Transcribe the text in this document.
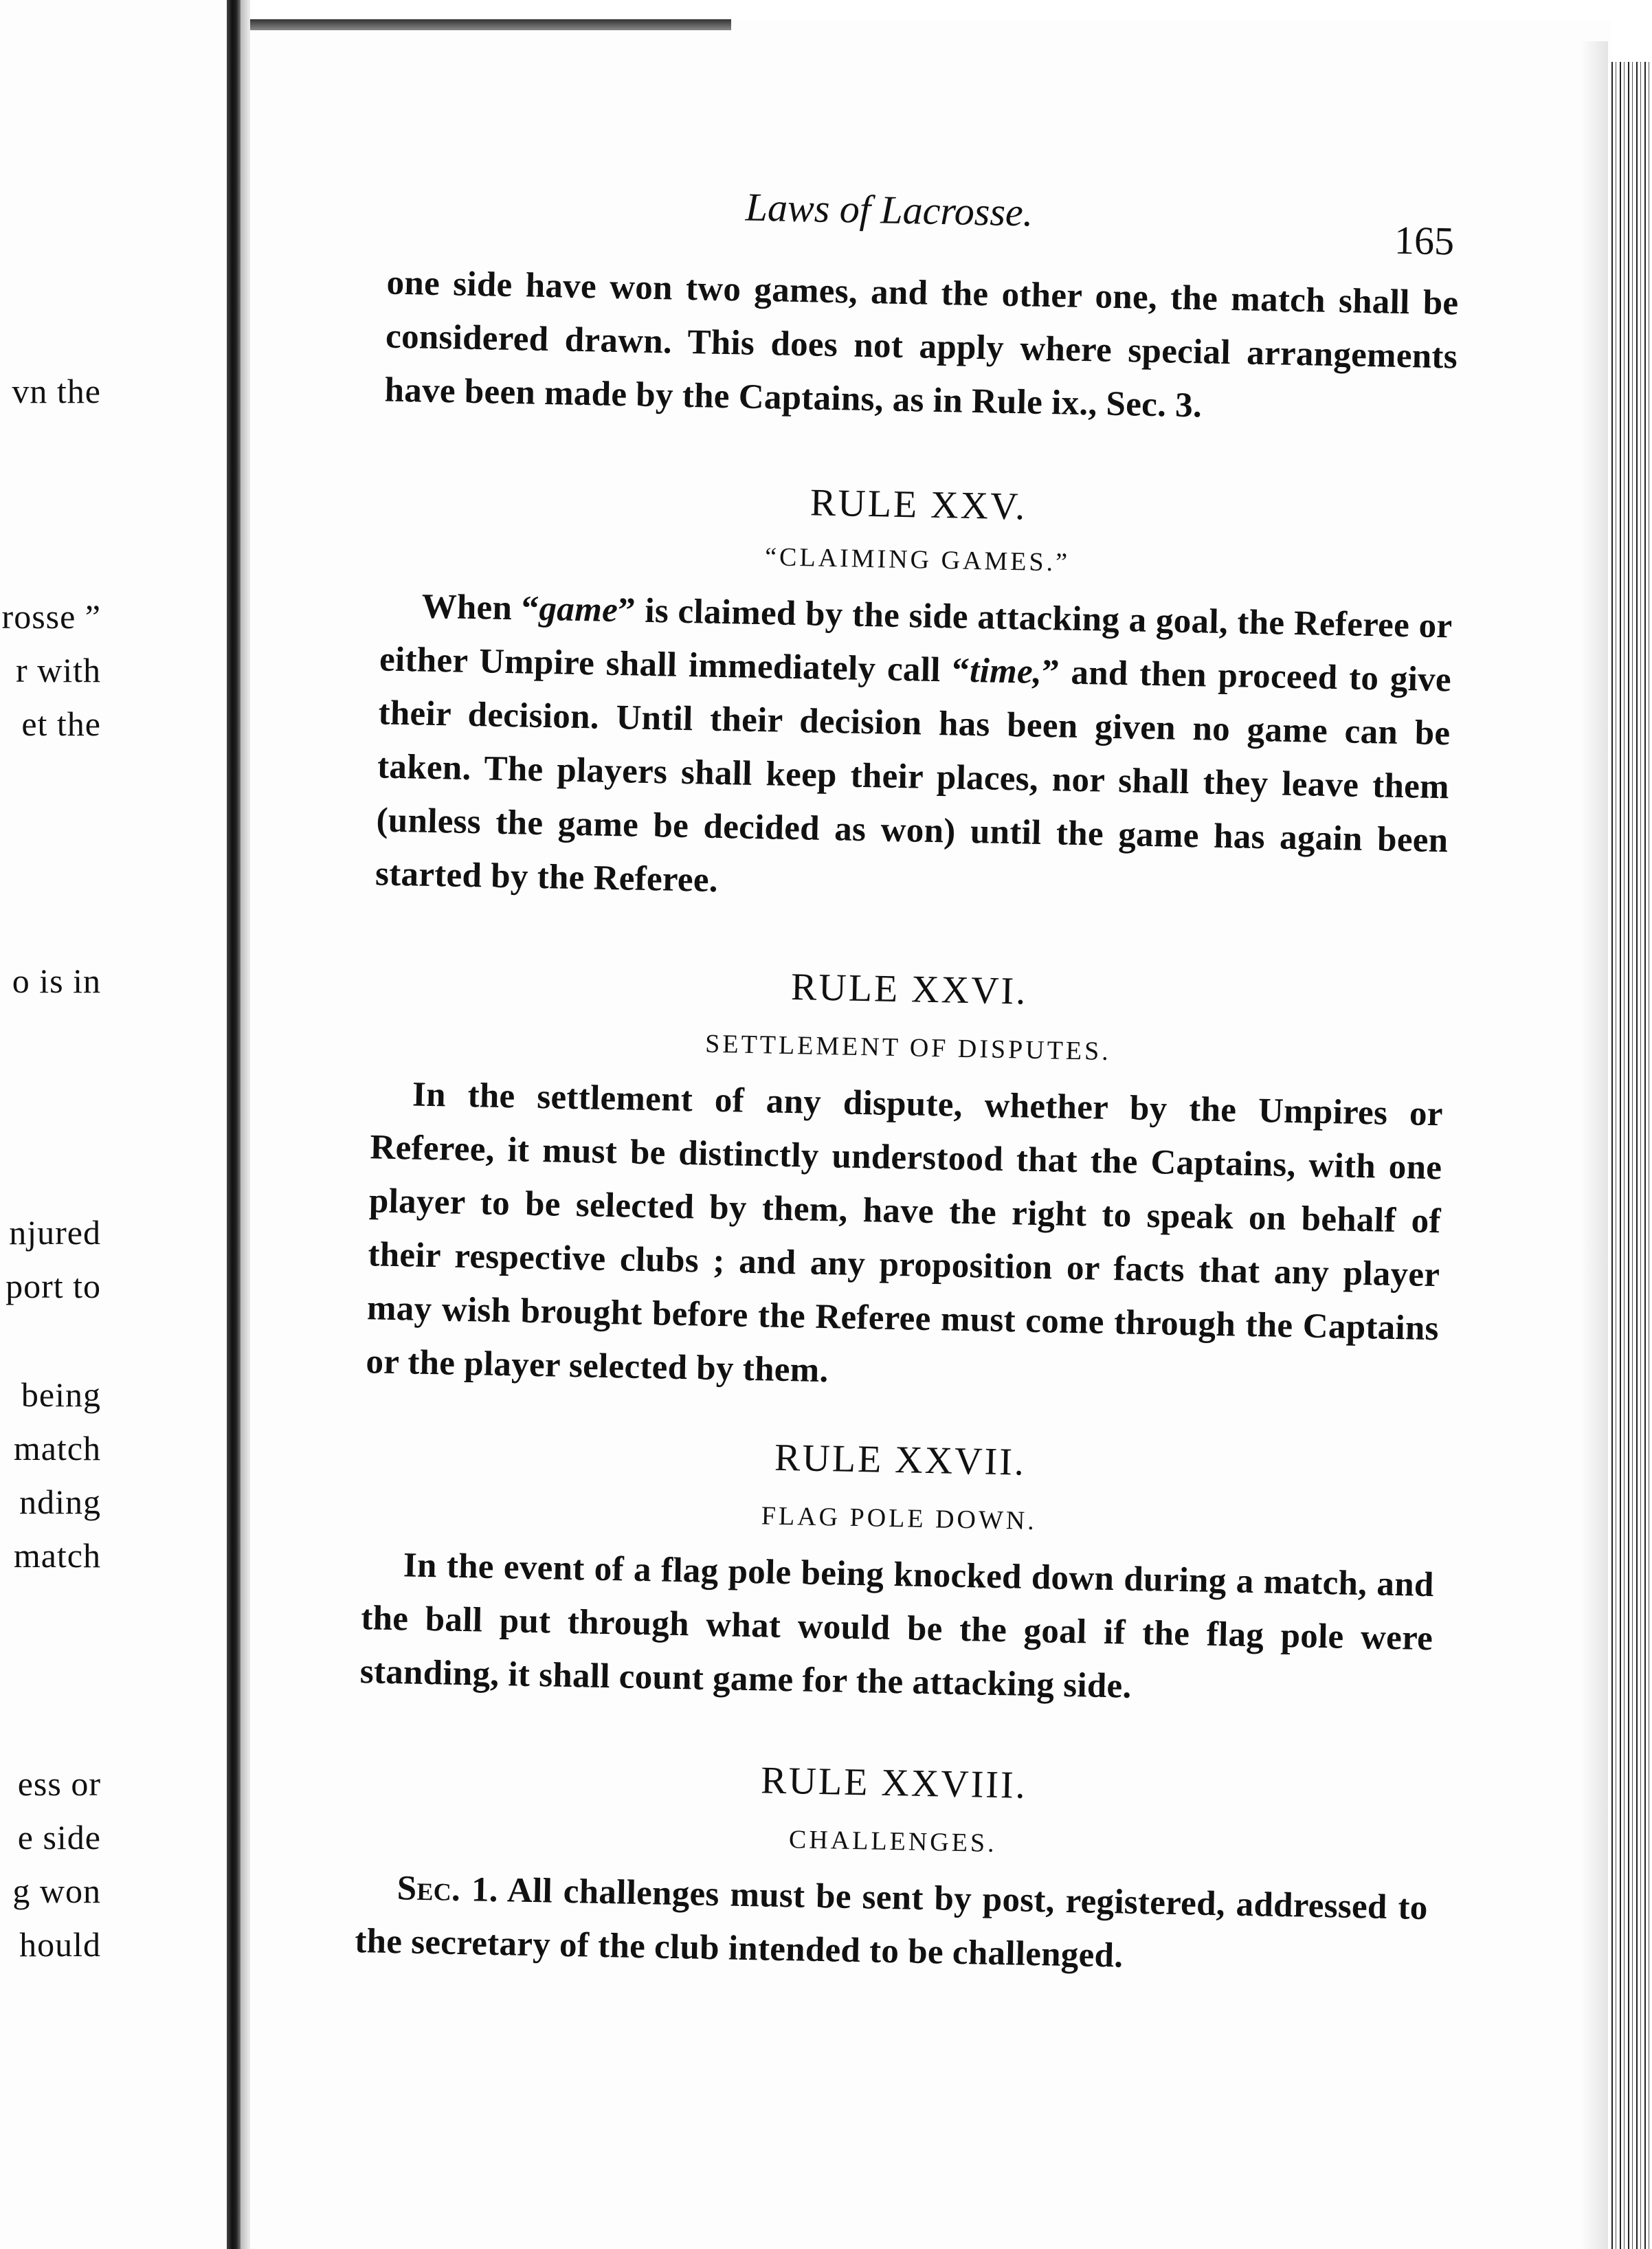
vn the
rosse ”
r with
et the
o is in
njured
port to
being
match
nding
match
ess or
e side
g won
hould
Laws of Lacrosse.
165

one side have won two games, and the other one, the match shall be considered drawn. This does not apply where special arrangements have been made by the Captains, as in Rule ix., Sec. 3.

RULE XXV.

“CLAIMING GAMES.”

When “game” is claimed by the side attacking a goal, the Referee or either Umpire shall immediately call “time,” and then proceed to give their decision. Until their decision has been given no game can be taken. The players shall keep their places, nor shall they leave them (unless the game be decided as won) until the game has again been started by the Referee.

RULE XXVI.

SETTLEMENT OF DISPUTES.

In the settlement of any dispute, whether by the Umpires or Referee, it must be distinctly understood that the Captains, with one player to be selected by them, have the right to speak on behalf of their respective clubs ; and any proposition or facts that any player may wish brought before the Referee must come through the Captains or the player selected by them.

RULE XXVII.

FLAG POLE DOWN.

In the event of a flag pole being knocked down during a match, and the ball put through what would be the goal if the flag pole were standing, it shall count game for the attacking side.

RULE XXVIII.

CHALLENGES.

Sec. 1. All challenges must be sent by post, registered, addressed to the secretary of the club intended to be challenged.
